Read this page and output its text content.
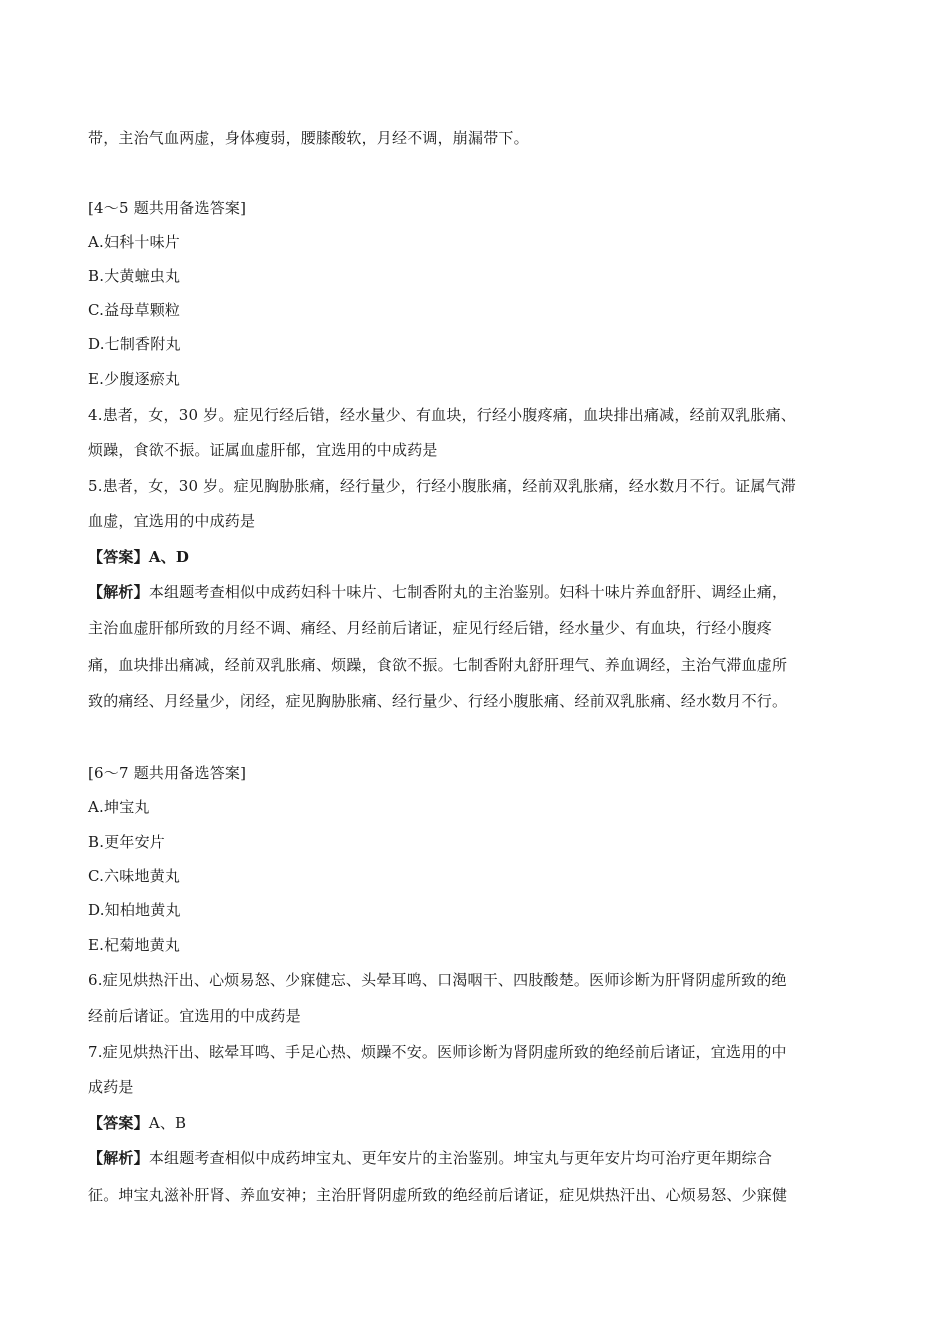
带，主治气血两虚，身体瘦弱，腰膝酸软，月经不调，崩漏带下。
[4～5 题共用备选答案]
A.妇科十味片
B.大黄蟅虫丸
C.益母草颗粒
D.七制香附丸
E.少腹逐瘀丸
4.患者，女，30 岁。症见行经后错，经水量少、有血块，行经小腹疼痛，血块排出痛减，经前双乳胀痛、
烦躁，食欲不振。证属血虚肝郁，宜选用的中成药是
5.患者，女，30 岁。症见胸胁胀痛，经行量少，行经小腹胀痛，经前双乳胀痛，经水数月不行。证属气滞
血虚，宜选用的中成药是
【答案】A、D
【解析】本组题考查相似中成药妇科十味片、七制香附丸的主治鉴别。妇科十味片养血舒肝、调经止痛，
主治血虚肝郁所致的月经不调、痛经、月经前后诸证，症见行经后错，经水量少、有血块，行经小腹疼
痛，血块排出痛减，经前双乳胀痛、烦躁，食欲不振。七制香附丸舒肝理气、养血调经，主治气滞血虚所
致的痛经、月经量少，闭经，症见胸胁胀痛、经行量少、行经小腹胀痛、经前双乳胀痛、经水数月不行。
[6～7 题共用备选答案]
A.坤宝丸
B.更年安片
C.六味地黄丸
D.知柏地黄丸
E.杞菊地黄丸
6.症见烘热汗出、心烦易怒、少寐健忘、头晕耳鸣、口渴咽干、四肢酸楚。医师诊断为肝肾阴虚所致的绝
经前后诸证。宜选用的中成药是
7.症见烘热汗出、眩晕耳鸣、手足心热、烦躁不安。医师诊断为肾阴虚所致的绝经前后诸证，宜选用的中
成药是
【答案】A、B
【解析】本组题考查相似中成药坤宝丸、更年安片的主治鉴别。坤宝丸与更年安片均可治疗更年期综合
征。坤宝丸滋补肝肾、养血安神；主治肝肾阴虚所致的绝经前后诸证，症见烘热汗出、心烦易怒、少寐健
